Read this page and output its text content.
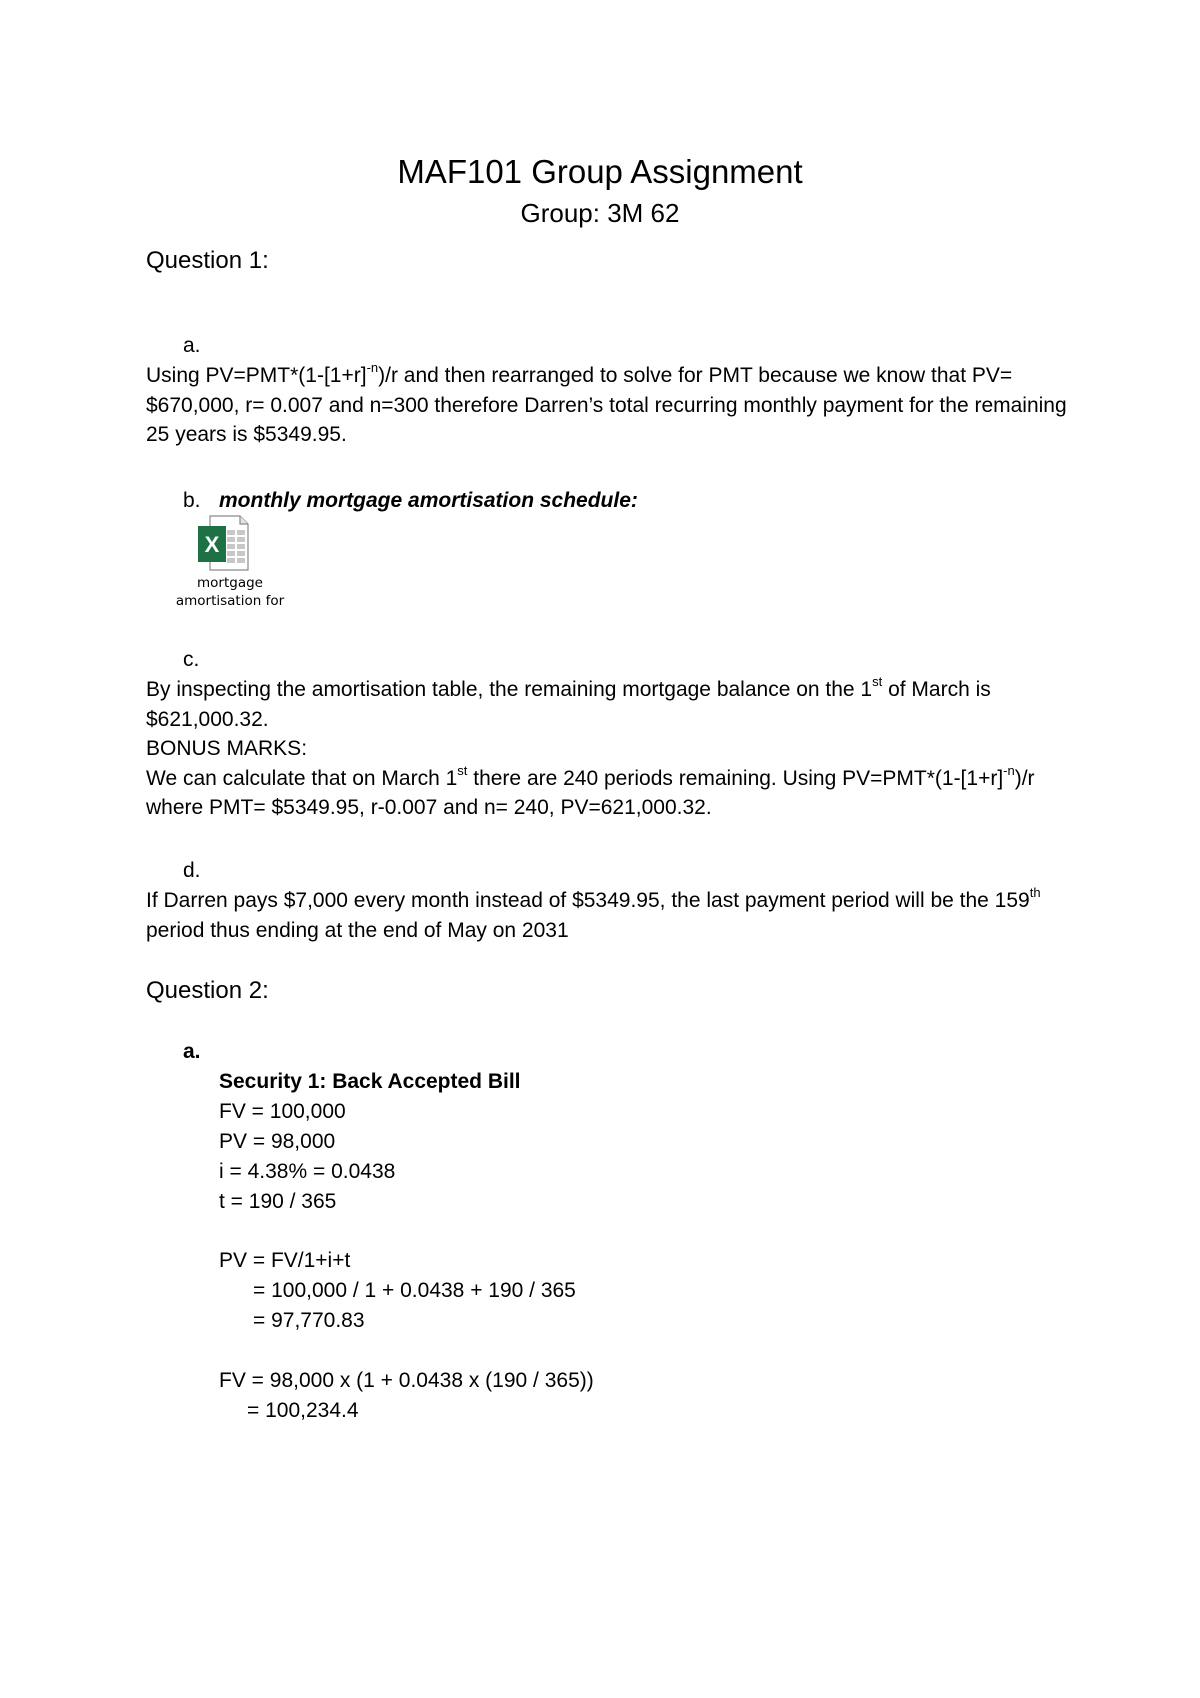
MAF101 Group Assignment
Group: 3M 62
Question 1:
a.
Using $PV=PMT*(1-[1+r]^{-n})/r$ and then rearranged to solve for PMT because we know that PV= $670,000, r= 0.007 and n=300 therefore Darren’s total recurring monthly payment for the remaining 25 years is $5349.95.
b. monthly mortgage amortisation schedule:
X
mortgage
amortisation for
c.
By inspecting the amortisation table, the remaining mortgage balance on the 1st of March is $621,000.32.
BONUS MARKS:
We can calculate that on March 1st there are 240 periods remaining. Using $PV=PMT*(1-[1+r]^{-n})/r$ where PMT= $5349.95, r-0.007 and n= 240, PV=621,000.32.
d.
If Darren pays $7,000 every month instead of $5349.95, the last payment period will be the 159th period thus ending at the end of May on 2031
Question 2:
a.
Security 1: Back Accepted Bill
FV = 100,000
PV = 98,000
i = 4.38% = 0.0438
t = 190 / 365
PV = FV/1+i+t
= 100,000 / 1 + 0.0438 + 190 / 365
= 97,770.83
FV = 98,000 x (1 + 0.0438 x (190 / 365))
= 100,234.4
